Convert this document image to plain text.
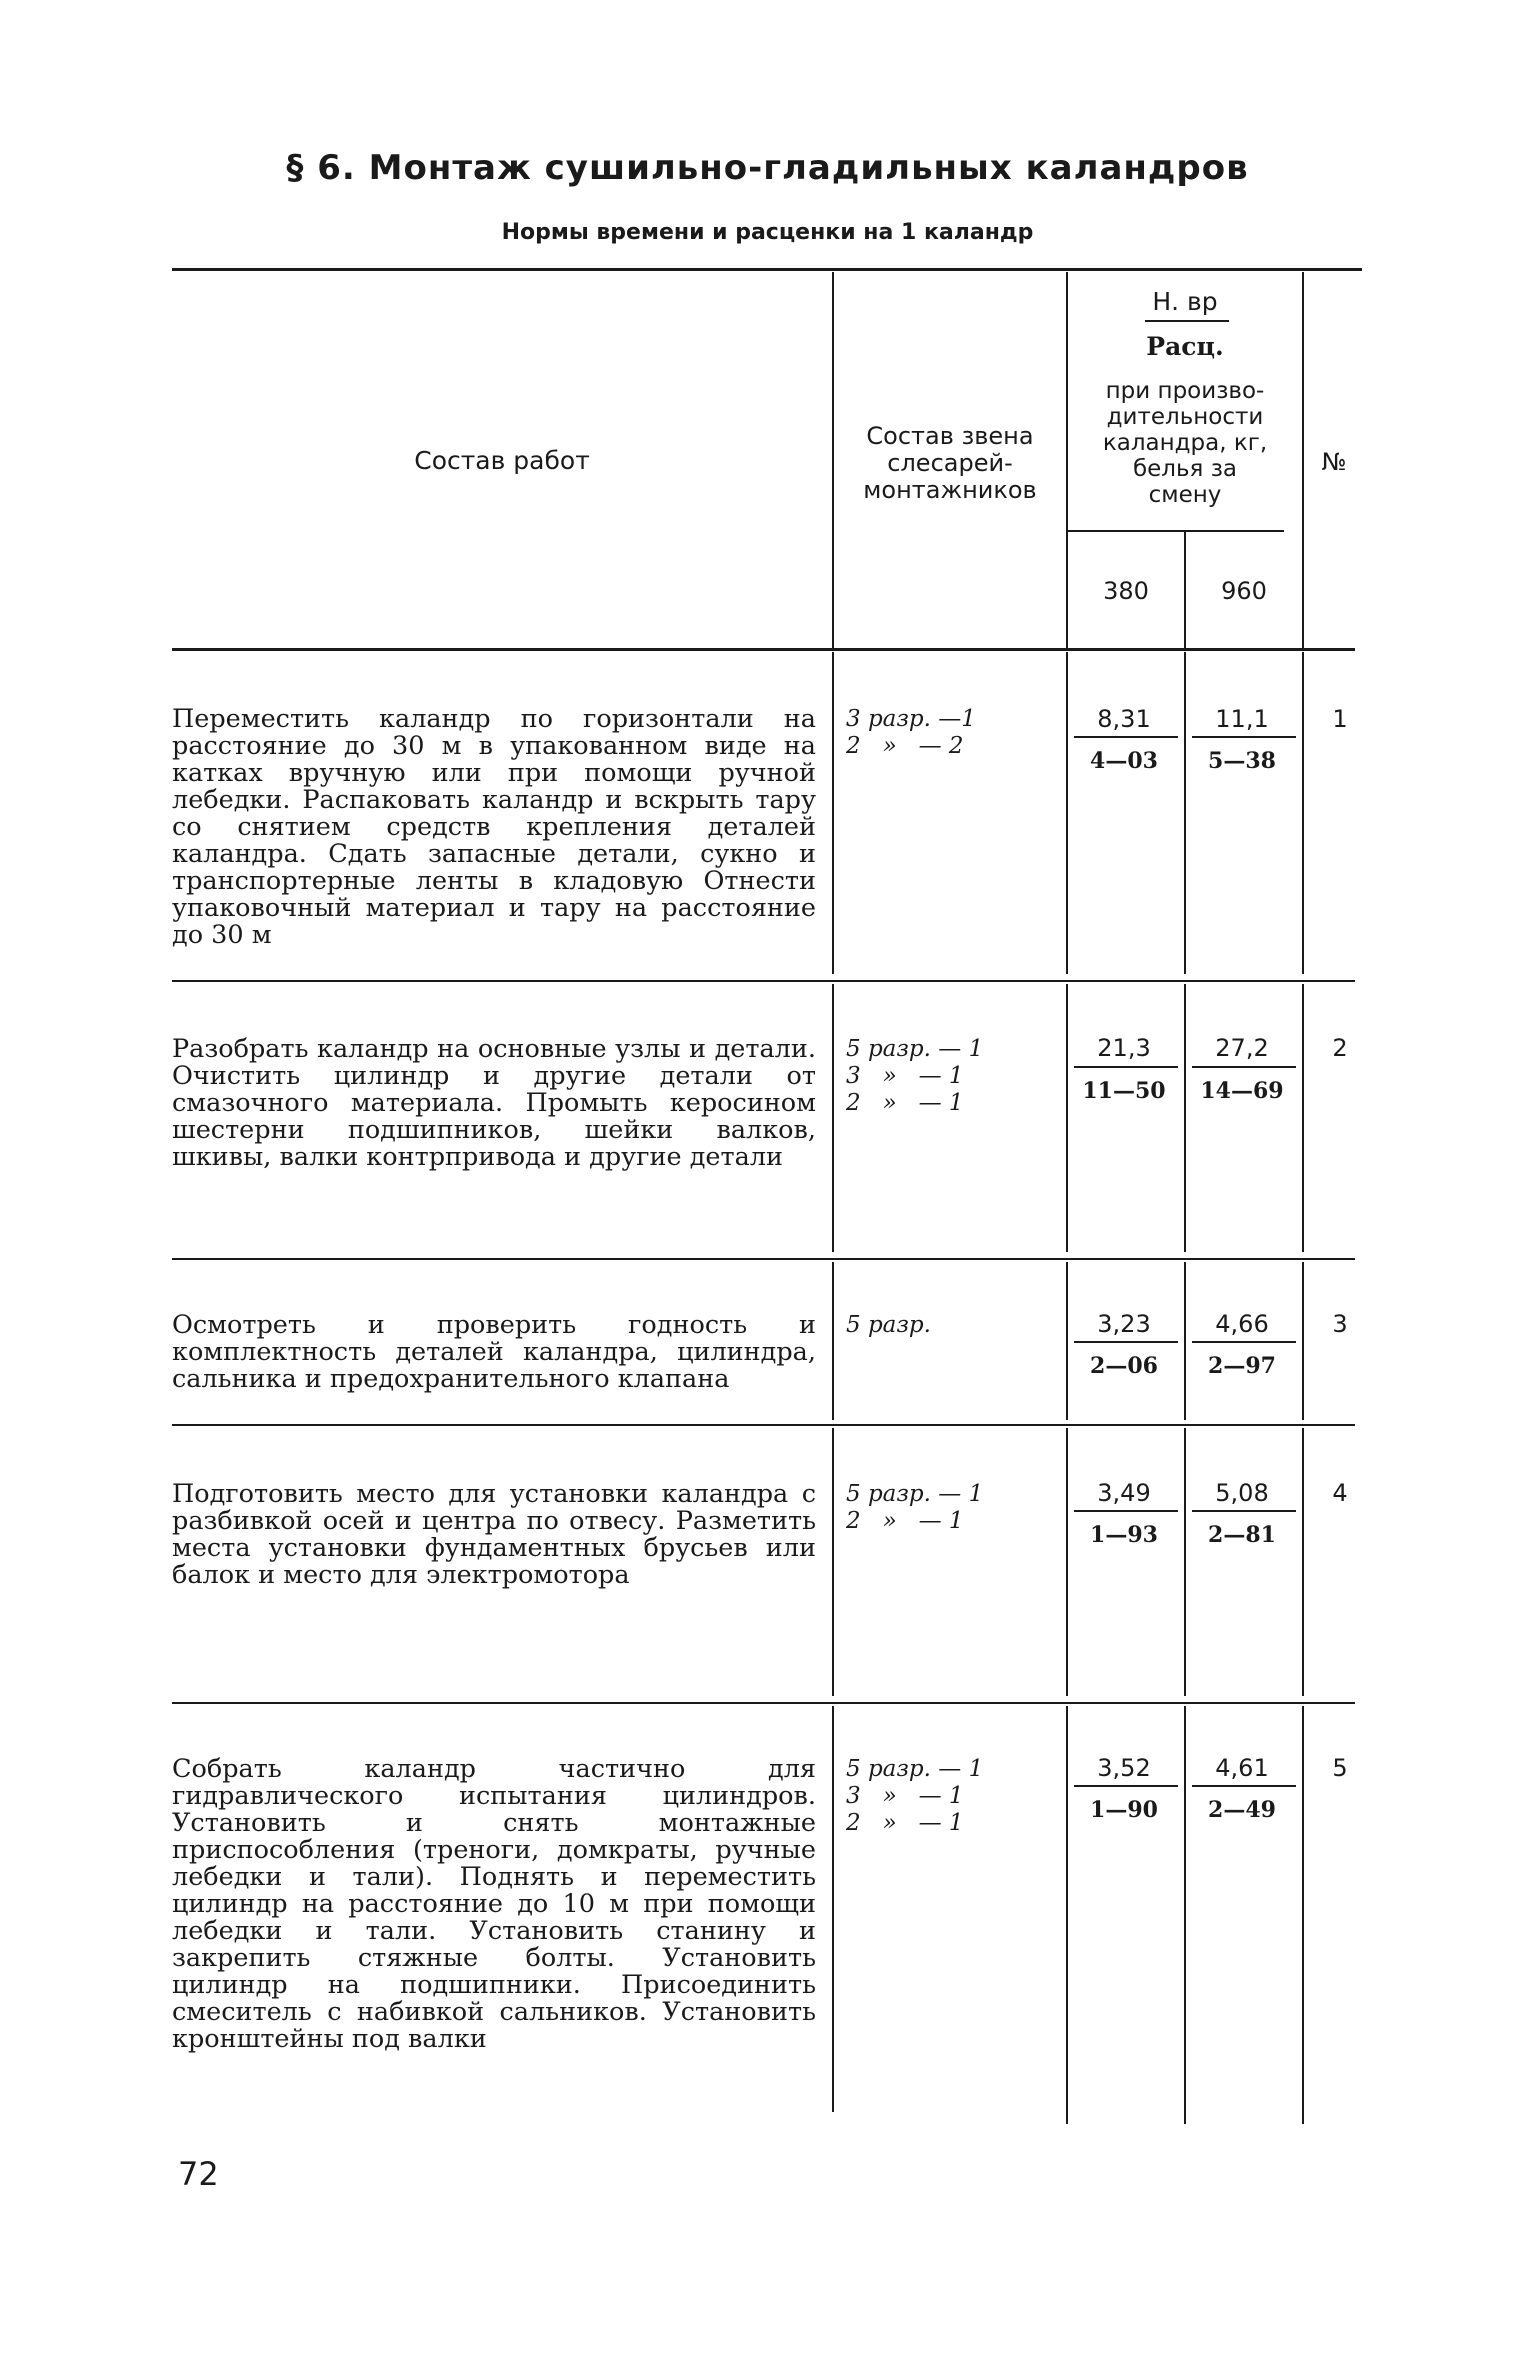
§ 6. Монтаж сушильно-гладильных каландров
Нормы времени и расценки на 1 каландр
Состав работ
Состав звена
слесарей-
монтажников
Н. вр
Расц.
при произво-
дительности
каландра, кг,
белья за
смену
380	960
№
Переместить каландр по горизонтали на расстояние до 30 м в упакованном виде на катках вручную или при помощи ручной лебедки. Распаковать каландр и вскрыть тару со снятием средств креплени‍я деталей каландра. Сдать запасные детали, сукно и транспортерные ленты в кладовую Отнести упаковочный материал и тару на расстояние до 30 м
3 разр. —1
2   »   — 2
8,31
4—03
11,1
5—38
1
Разобрать каландр на основные узлы и детали. Очистить цилиндр и другие детали от смазочного материала. Промыть керосином шестерни подшипников, шейки валков, шкивы, валки контрпривода и другие детали
5 разр. — 1
3   »   — 1
2   »   — 1
21,3
11—50
27,2
14—69
2
Осмотреть и проверить годность и комплектность деталей каландра, цилиндра, сальника и предохранительного клапана
5 разр.	3,23
2—06
4,66
2—97
3
Подготовить место для установки каландра с разбивкой осей и центра по отвесу. Разметить места установки фундаментных брусьев или балок и место для электромотора
5 разр. — 1
2   »   — 1
3,49
1—93
5,08
2—81
4
Собрать каландр частично для гидравлического испытания цилиндров. Установить и снять монтажные приспособления (треноги, домкраты, ручные лебедки и тали). Поднять и переместить цилиндр на расстояние до 10 м при помощи лебедки и тали. Установить станину и закрепить стяжные болты. Установить цилиндр на подшипники. Присоединить смеситель с набивкой сальников. Установить кронштейны под валки
5 разр. — 1
3   »   — 1
2   »   — 1
3,52
1—90
4,61
2—49
5
72
